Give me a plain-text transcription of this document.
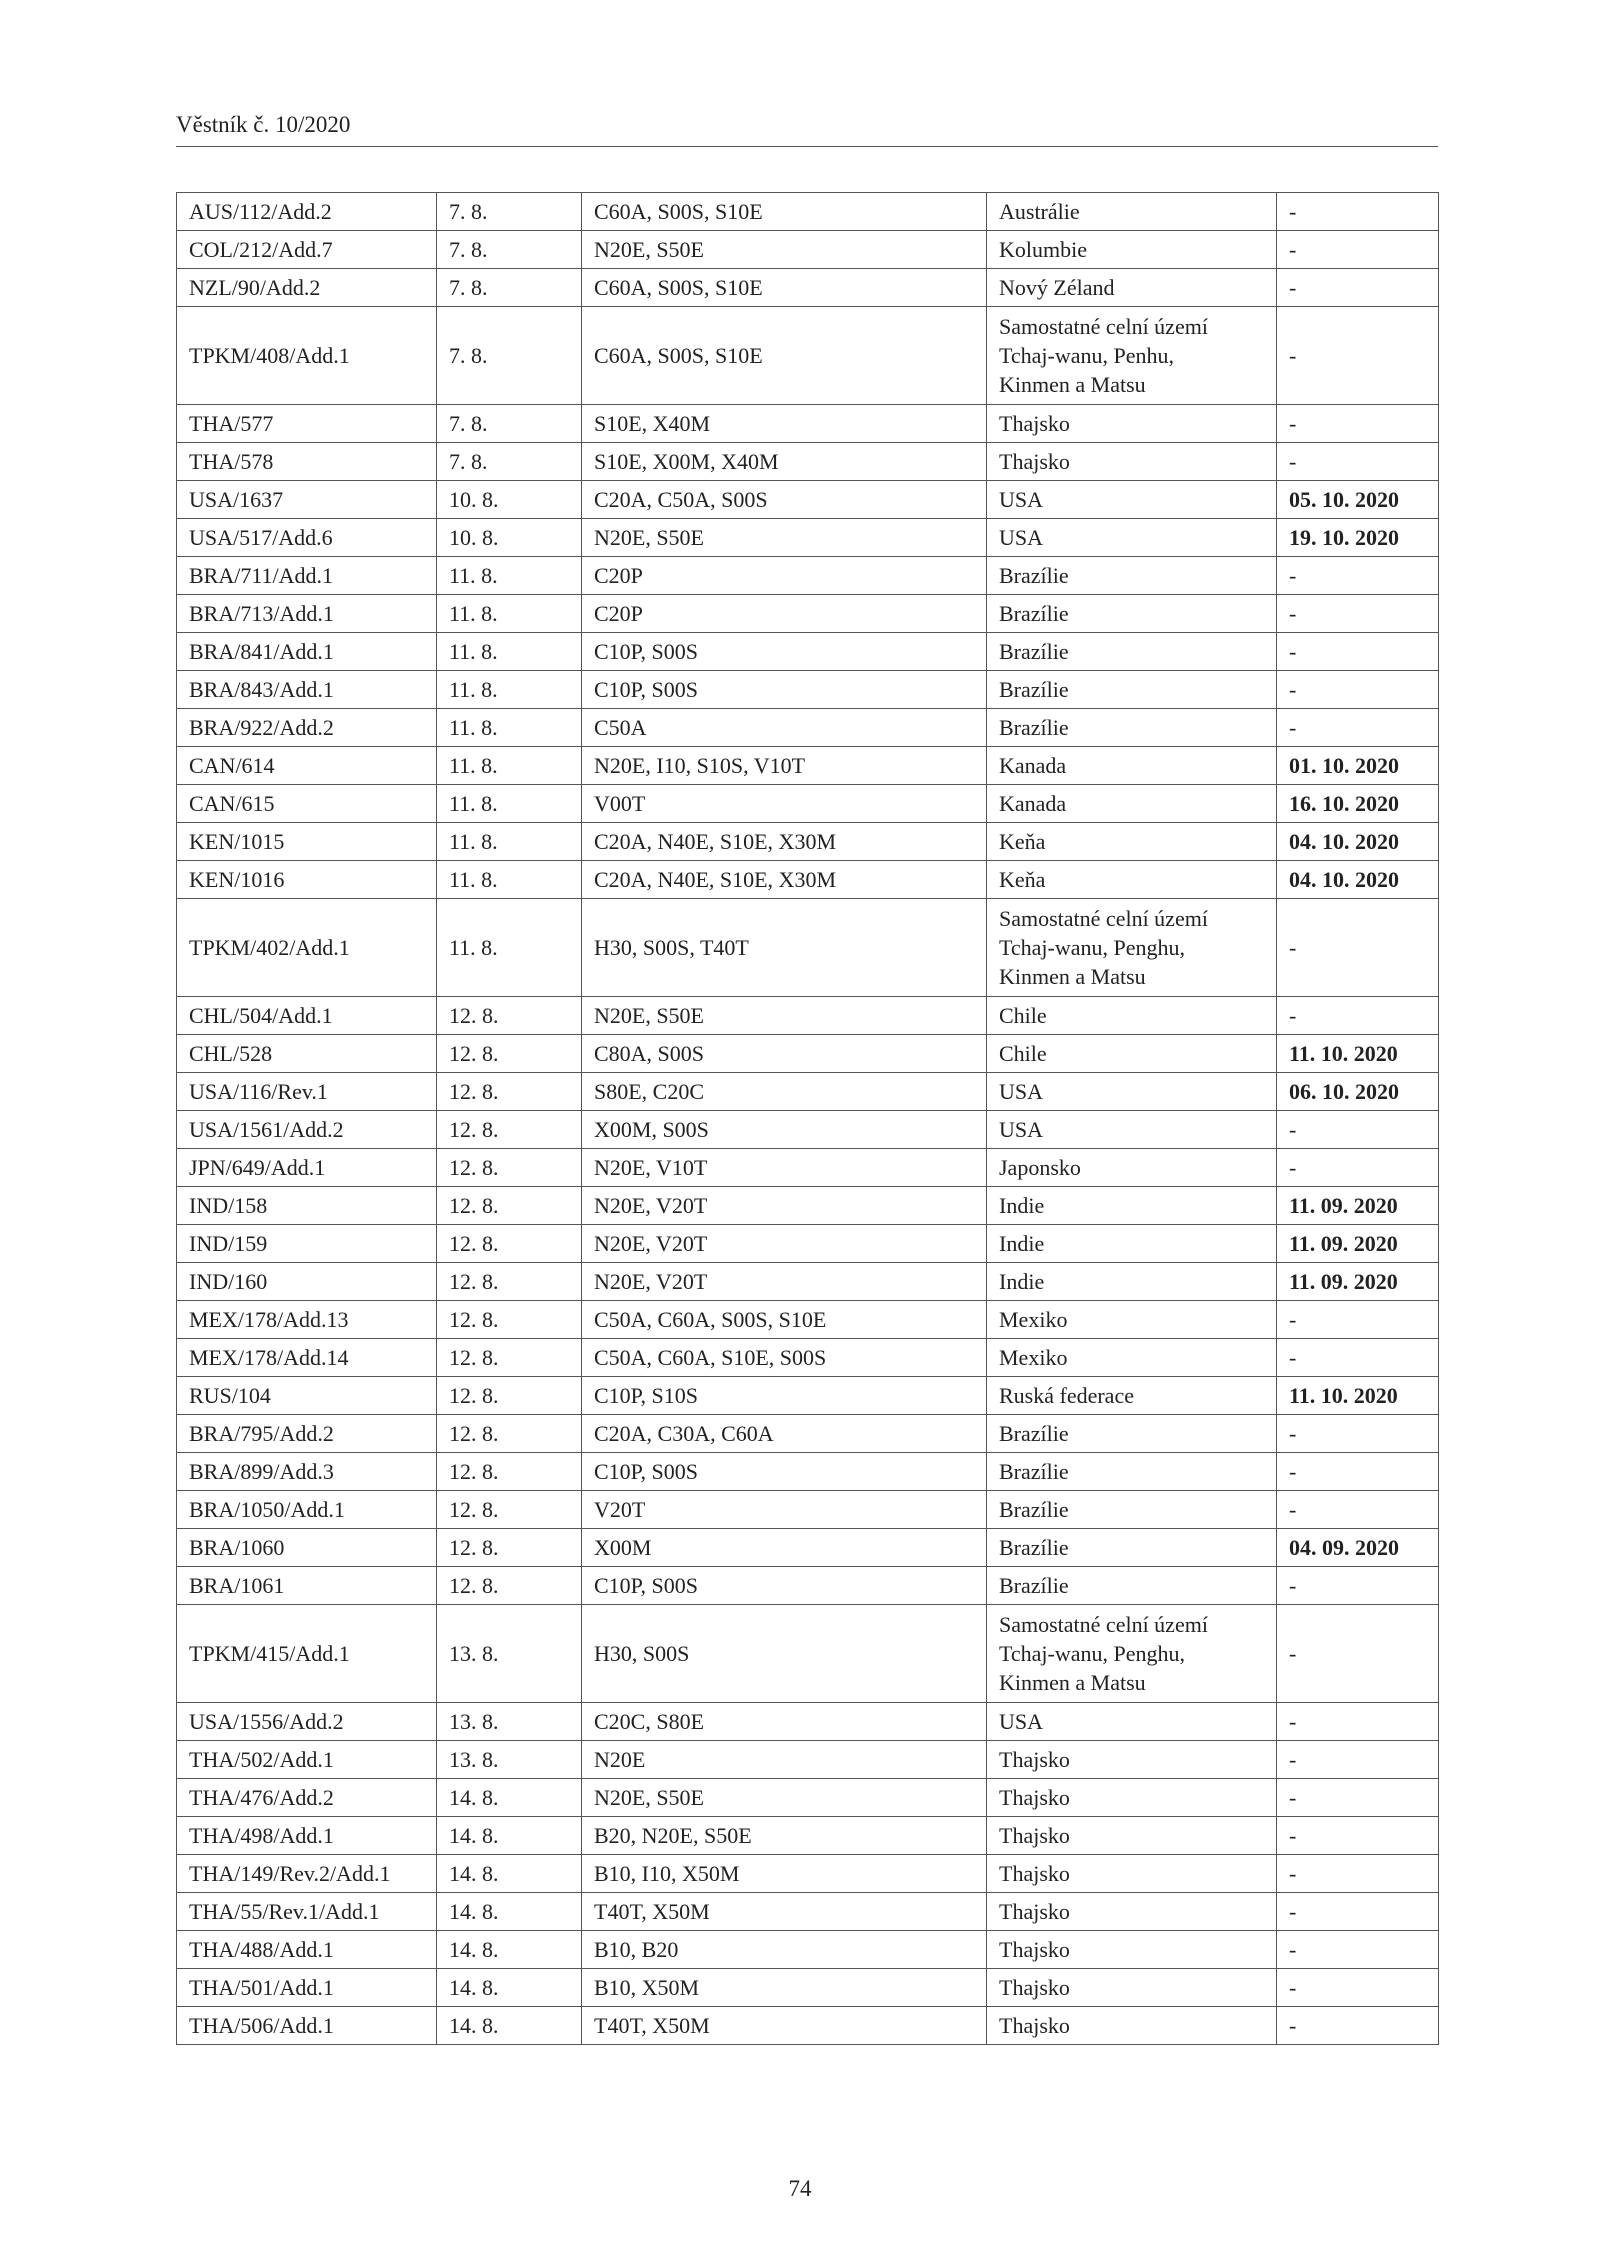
Věstník č. 10/2020
AUS/112/Add.2	7. 8.	C60A, S00S, S10E	Austrálie	-
COL/212/Add.7	7. 8.	N20E, S50E	Kolumbie	-
NZL/90/Add.2	7. 8.	C60A, S00S, S10E	Nový Zéland	-
TPKM/408/Add.1	7. 8.	C60A, S00S, S10E	Samostatné celní území
Tchaj-wanu, Penhu,
Kinmen a Matsu	-
THA/577	7. 8.	S10E, X40M	Thajsko	-
THA/578	7. 8.	S10E, X00M, X40M	Thajsko	-
USA/1637	10. 8.	C20A, C50A, S00S	USA	05. 10. 2020
USA/517/Add.6	10. 8.	N20E, S50E	USA	19. 10. 2020
BRA/711/Add.1	11. 8.	C20P	Brazílie	-
BRA/713/Add.1	11. 8.	C20P	Brazílie	-
BRA/841/Add.1	11. 8.	C10P, S00S	Brazílie	-
BRA/843/Add.1	11. 8.	C10P, S00S	Brazílie	-
BRA/922/Add.2	11. 8.	C50A	Brazílie	-
CAN/614	11. 8.	N20E, I10, S10S, V10T	Kanada	01. 10. 2020
CAN/615	11. 8.	V00T	Kanada	16. 10. 2020
KEN/1015	11. 8.	C20A, N40E, S10E, X30M	Keňa	04. 10. 2020
KEN/1016	11. 8.	C20A, N40E, S10E, X30M	Keňa	04. 10. 2020
TPKM/402/Add.1	11. 8.	H30, S00S, T40T	Samostatné celní území
Tchaj-wanu, Penghu,
Kinmen a Matsu	-
CHL/504/Add.1	12. 8.	N20E, S50E	Chile	-
CHL/528	12. 8.	C80A, S00S	Chile	11. 10. 2020
USA/116/Rev.1	12. 8.	S80E, C20C	USA	06. 10. 2020
USA/1561/Add.2	12. 8.	X00M, S00S	USA	-
JPN/649/Add.1	12. 8.	N20E, V10T	Japonsko	-
IND/158	12. 8.	N20E, V20T	Indie	11. 09. 2020
IND/159	12. 8.	N20E, V20T	Indie	11. 09. 2020
IND/160	12. 8.	N20E, V20T	Indie	11. 09. 2020
MEX/178/Add.13	12. 8.	C50A, C60A, S00S, S10E	Mexiko	-
MEX/178/Add.14	12. 8.	C50A, C60A, S10E, S00S	Mexiko	-
RUS/104	12. 8.	C10P, S10S	Ruská federace	11. 10. 2020
BRA/795/Add.2	12. 8.	C20A, C30A, C60A	Brazílie	-
BRA/899/Add.3	12. 8.	C10P, S00S	Brazílie	-
BRA/1050/Add.1	12. 8.	V20T	Brazílie	-
BRA/1060	12. 8.	X00M	Brazílie	04. 09. 2020
BRA/1061	12. 8.	C10P, S00S	Brazílie	-
TPKM/415/Add.1	13. 8.	H30, S00S	Samostatné celní území
Tchaj-wanu, Penghu,
Kinmen a Matsu	-
USA/1556/Add.2	13. 8.	C20C, S80E	USA	-
THA/502/Add.1	13. 8.	N20E	Thajsko	-
THA/476/Add.2	14. 8.	N20E, S50E	Thajsko	-
THA/498/Add.1	14. 8.	B20, N20E, S50E	Thajsko	-
THA/149/Rev.2/Add.1	14. 8.	B10, I10, X50M	Thajsko	-
THA/55/Rev.1/Add.1	14. 8.	T40T, X50M	Thajsko	-
THA/488/Add.1	14. 8.	B10, B20	Thajsko	-
THA/501/Add.1	14. 8.	B10, X50M	Thajsko	-
THA/506/Add.1	14. 8.	T40T, X50M	Thajsko	-
74
